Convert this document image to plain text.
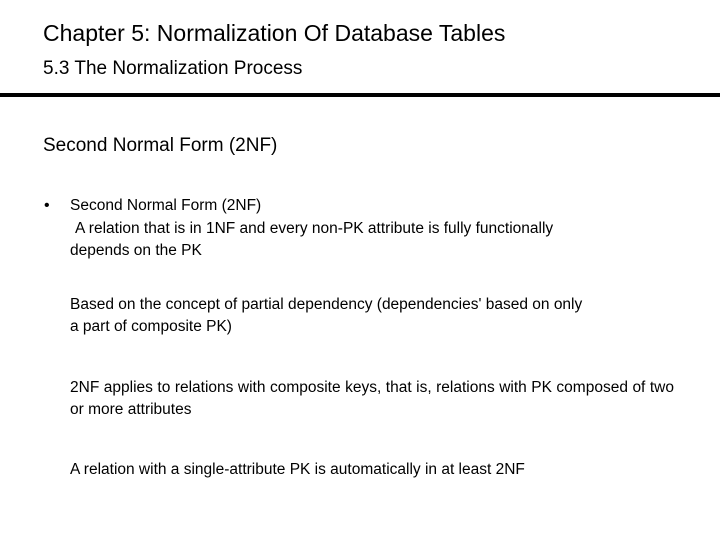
Chapter 5: Normalization Of Database Tables
5.3 The Normalization Process
Second Normal Form (2NF)
• Second Normal Form (2NF)
A relation that is in 1NF and every non-PK attribute is fully functionally
depends on the PK
Based on the concept of partial dependency (dependencies' based on only
a part of composite PK)
2NF applies to relations with composite keys, that is, relations with PK composed of two or more attributes
A relation with a single-attribute PK is automatically in at least 2NF
